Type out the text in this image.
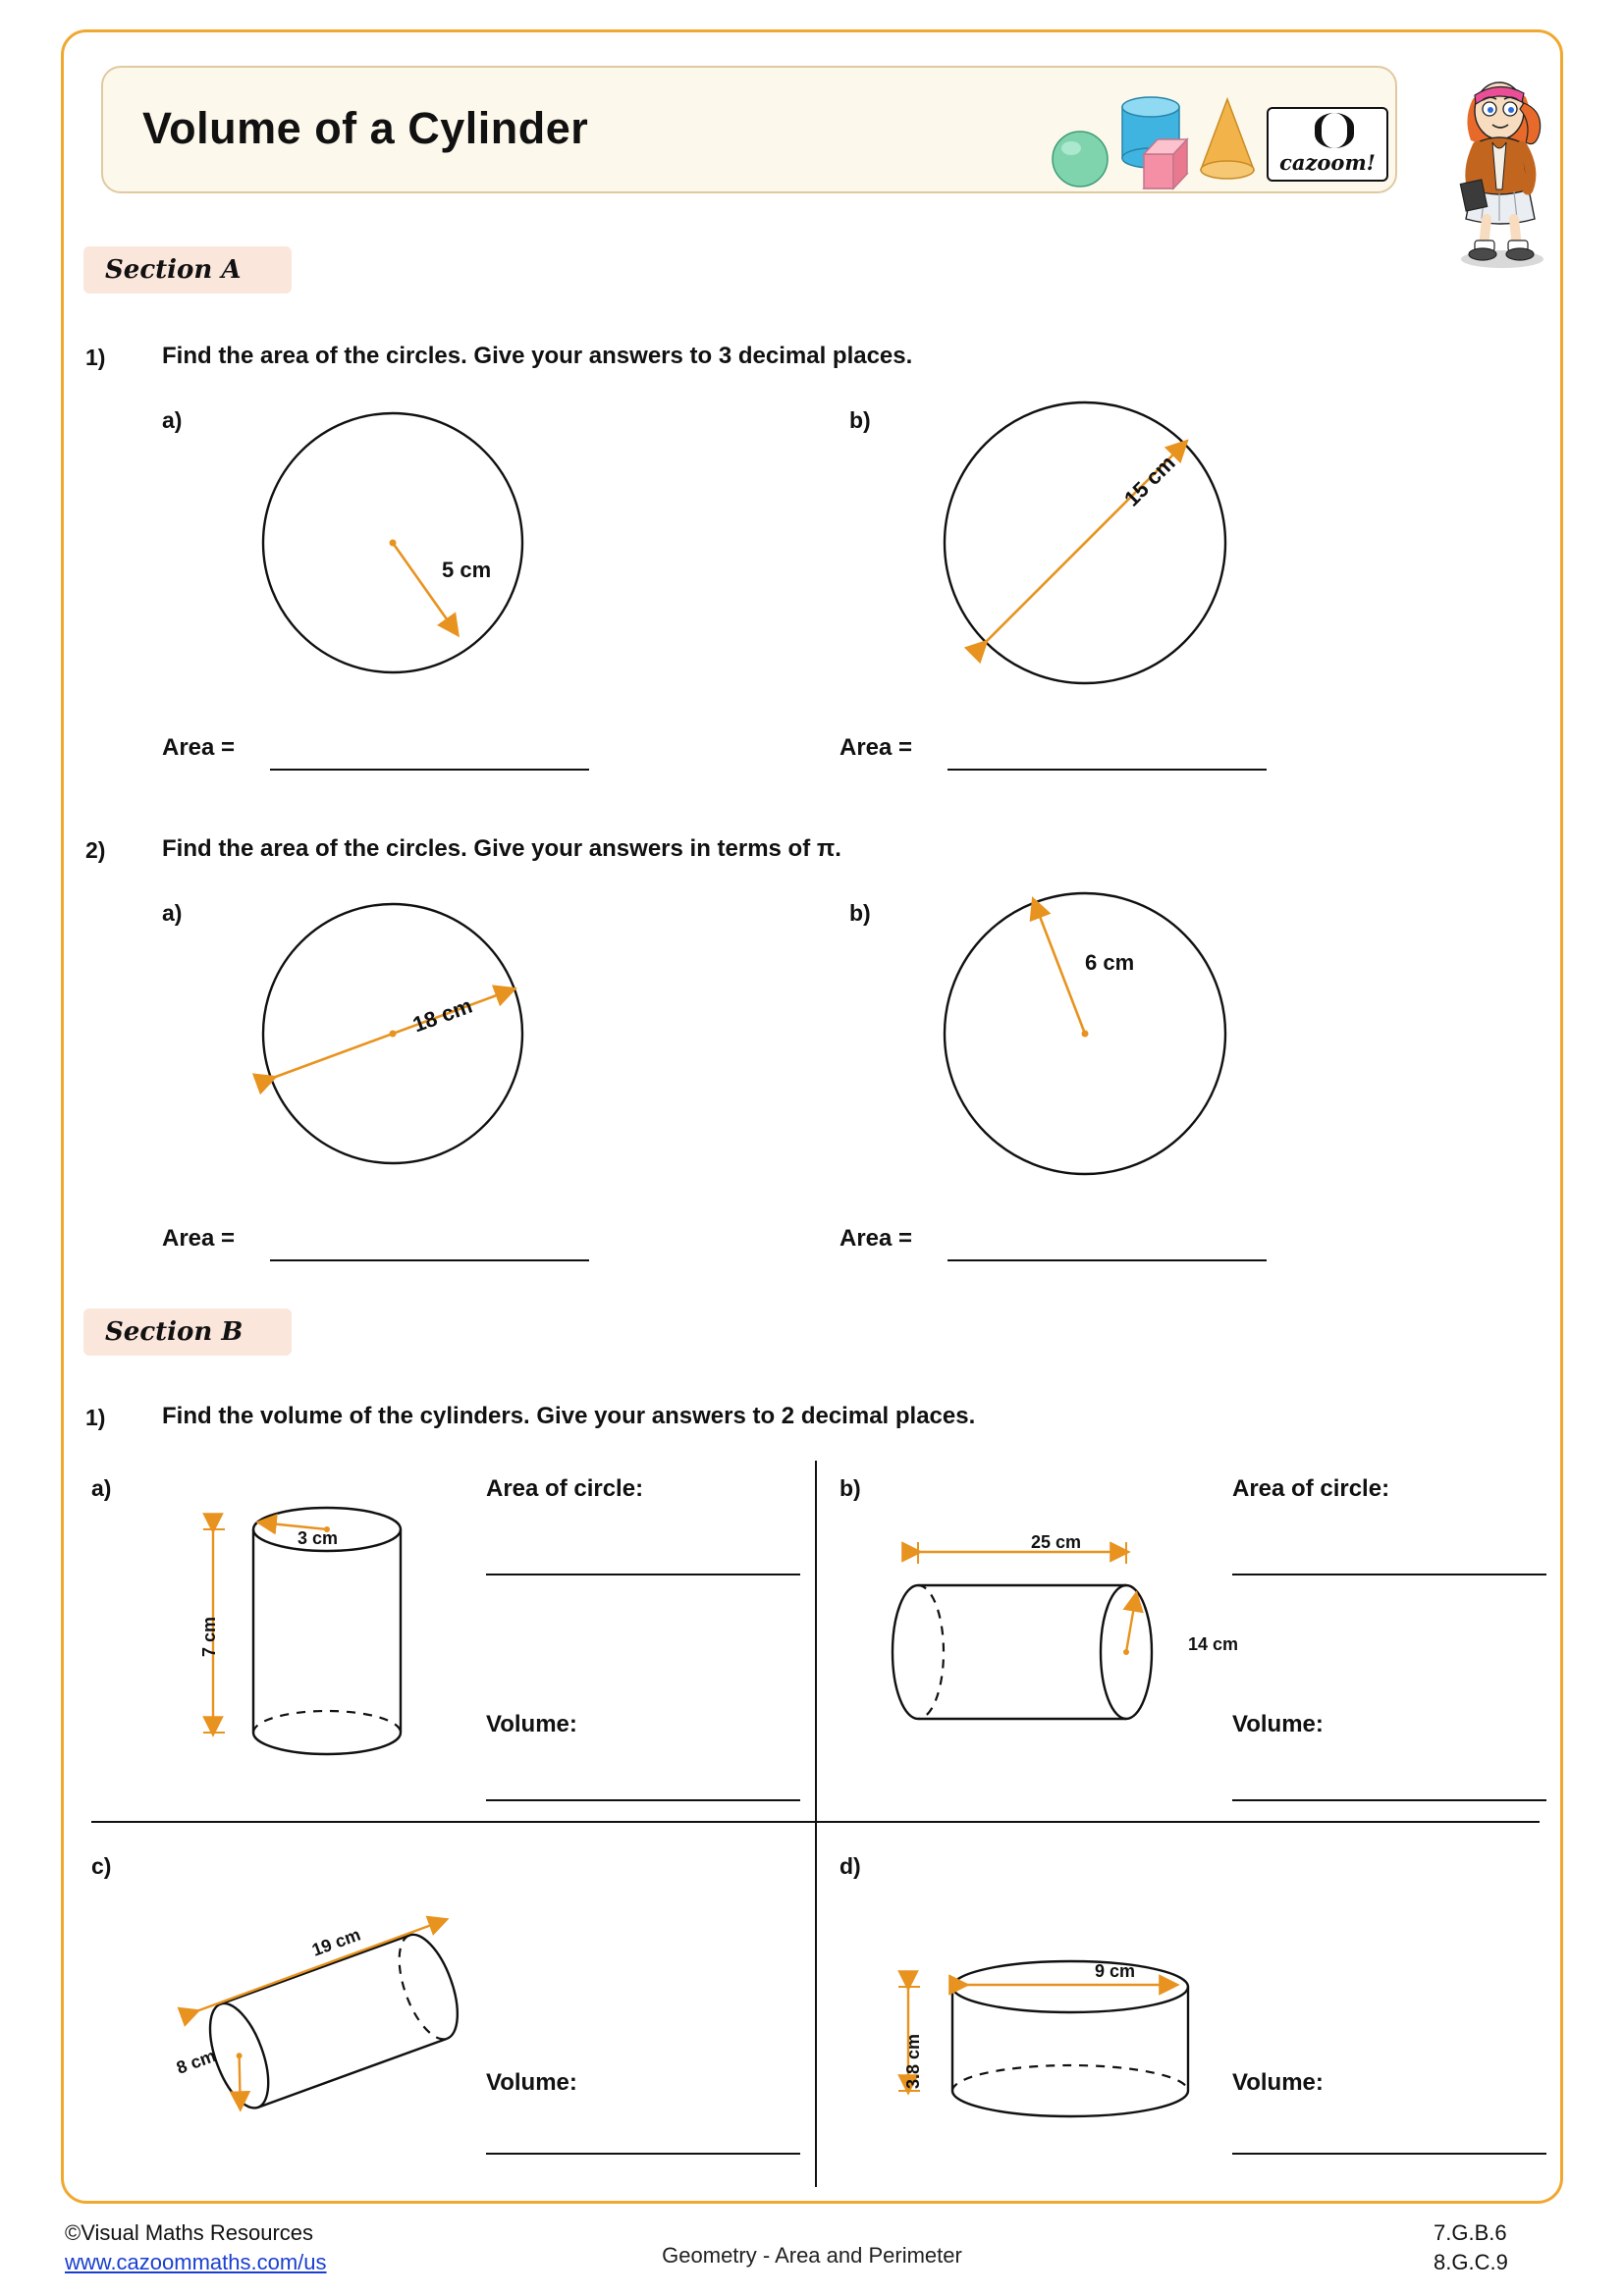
Volume of a Cylinder
cazoom!
Section A
1) Find the area of the circles. Give your answers to 3 decimal places.
a)	b)
5 cm
15 cm
Area =	Area =
2) Find the area of the circles. Give your answers in terms of π.
a)	b)
18 cm
6 cm
Area =	Area =
Section B
1) Find the volume of the cylinders. Give your answers to 2 decimal places.
a)
3 cm
7 cm
Area of circle:
Volume:
b)
25 cm
14 cm
Area of circle:
Volume:
c)
19 cm
8 cm
Volume:
d)
9 cm
3.8 cm	Volume:
©Visual Maths Resources
www.cazoommaths.com/us	Geometry - Area and Perimeter
7.G.B.6
8.G.C.9
